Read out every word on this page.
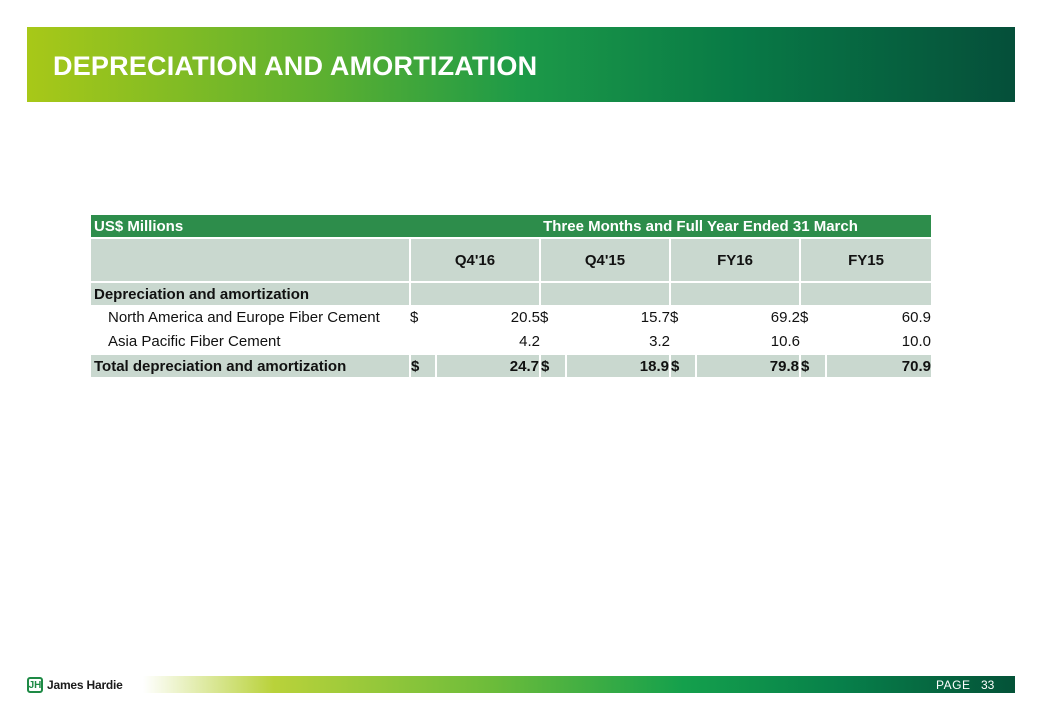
DEPRECIATION AND AMORTIZATION
US$ Millions	Three Months and Full Year Ended 31 March							
	Q4'16		Q4'15		FY16		FY15	
Depreciation and amortization								
North America and Europe Fiber Cement	$	20.5	$	15.7	$	69.2	$	60.9
Asia Pacific Fiber Cement		4.2		3.2		10.6		10.0
Total depreciation and amortization	$	24.7	$	18.9	$	79.8	$	70.9
JH James Hardie	PAGE 33
